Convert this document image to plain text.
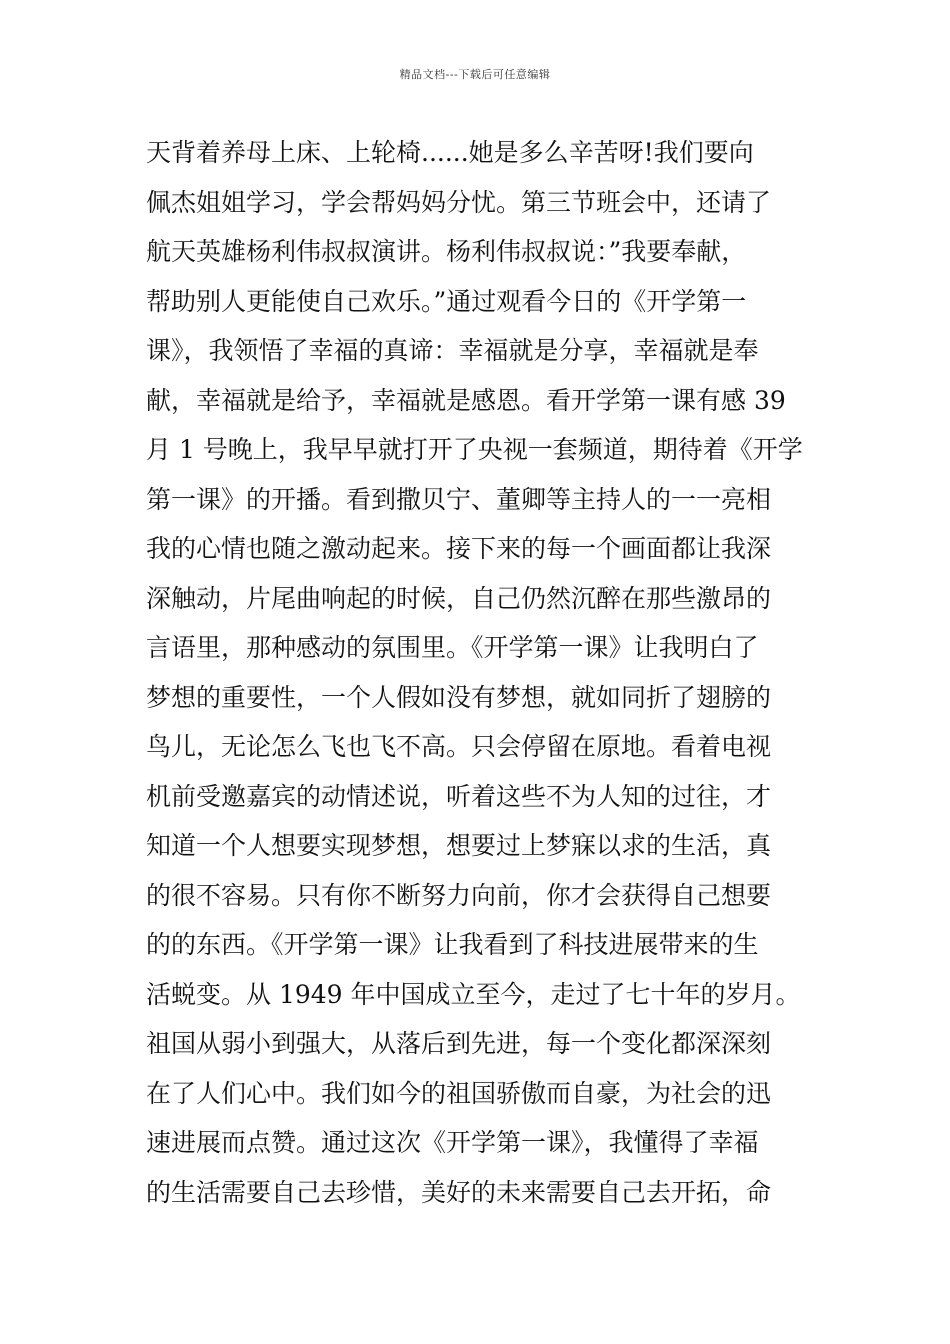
精品文档---下载后可任意编辑
天背着养母上床、上轮椅......她是多么辛苦呀!我们要向
佩杰姐姐学习，学会帮妈妈分忧。第三节班会中，还请了
航天英雄杨利伟叔叔演讲。杨利伟叔叔说：”我要奉献，
帮助别人更能使自己欢乐。”通过观看今日的《开学第一
课》，我领悟了幸福的真谛：幸福就是分享，幸福就是奉
献，幸福就是给予，幸福就是感恩。看开学第一课有感 39
月 1 号晚上，我早早就打开了央视一套频道，期待着《开学
第一课》的开播。看到撒贝宁、董卿等主持人的一一亮相
我的心情也随之激动起来。接下来的每一个画面都让我深
深触动，片尾曲响起的时候，自己仍然沉醉在那些激昂的
言语里，那种感动的氛围里。《开学第一课》让我明白了
梦想的重要性，一个人假如没有梦想，就如同折了翅膀的
鸟儿，无论怎么飞也飞不高。只会停留在原地。看着电视
机前受邀嘉宾的动情述说，听着这些不为人知的过往，才
知道一个人想要实现梦想，想要过上梦寐以求的生活，真
的很不容易。只有你不断努力向前，你才会获得自己想要
的的东西。《开学第一课》让我看到了科技进展带来的生
活蜕变。从 1949 年中国成立至今，走过了七十年的岁月。
祖国从弱小到强大，从落后到先进，每一个变化都深深刻
在了人们心中。我们如今的祖国骄傲而自豪，为社会的迅
速进展而点赞。通过这次《开学第一课》，我懂得了幸福
的生活需要自己去珍惜，美好的未来需要自己去开拓，命
